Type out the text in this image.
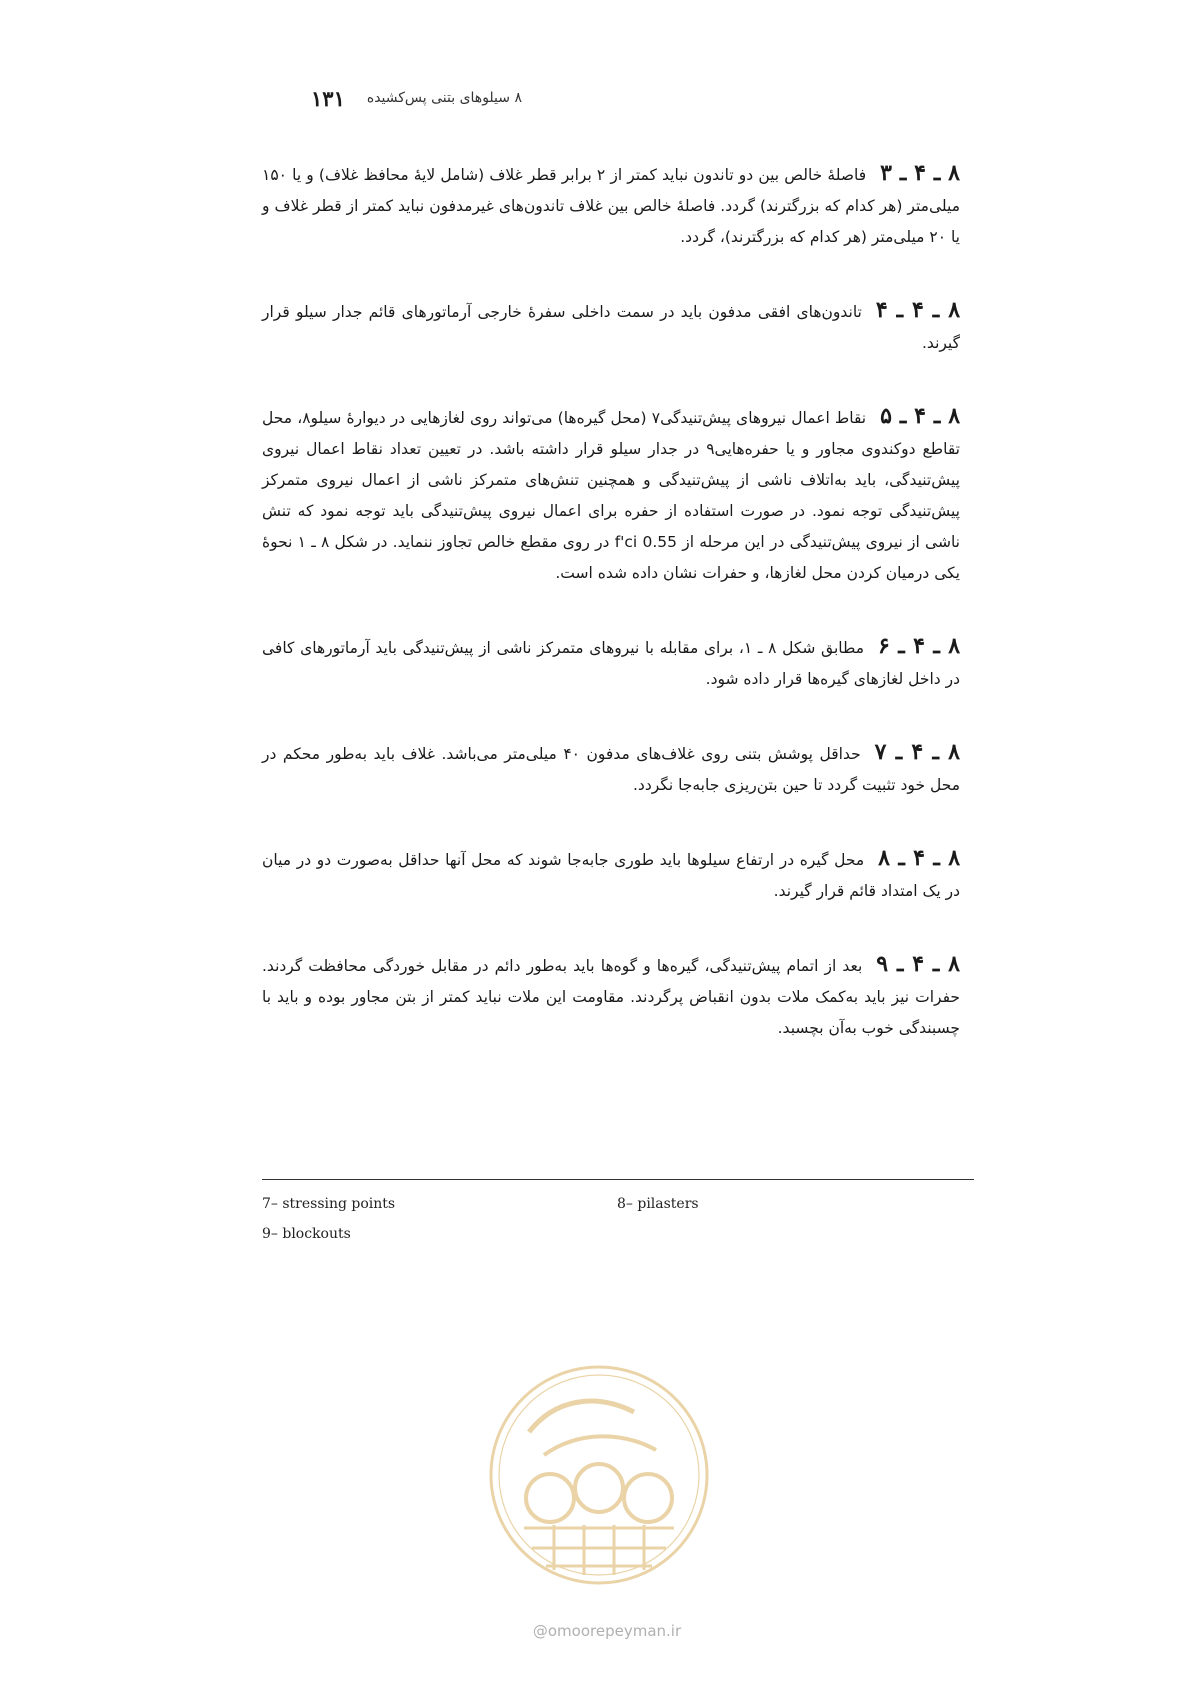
۸ سیلوهای بتنی پس‌کشیده
۱۳۱

۸ ـ ۴ ـ ۳فاصلهٔ خالص بین دو تاندون نباید کمتر از ۲ برابر قطر غلاف (شامل لایهٔ محافظ غلاف) و یا ۱۵۰ میلی‌متر (هر کدام که بزرگترند) گردد. فاصلهٔ خالص بین غلاف تاندون‌های غیرمدفون نباید کمتر از قطر غلاف و یا ۲۰ میلی‌متر (هر کدام که بزرگترند)، گردد.

۸ ـ ۴ ـ ۴تاندون‌های افقی مدفون باید در سمت داخلی سفرهٔ خارجی آرماتورهای قائم جدار سیلو قرار گیرند.

۸ ـ ۴ ـ ۵نقاط اعمال نیروهای پیش‌تنیدگی۷ (محل گیره‌ها) می‌تواند روی لغازهایی در دیوارهٔ سیلو۸، محل تقاطع دوکندوی مجاور و یا حفره‌هایی۹ در جدار سیلو قرار داشته باشد. در تعیین تعداد نقاط اعمال نیروی پیش‌تنیدگی، باید به‌اتلاف ناشی از پیش‌تنیدگی و همچنین تنش‌های متمرکز ناشی از اعمال نیروی متمرکز پیش‌تنیدگی توجه نمود. در صورت استفاده از حفره برای اعمال نیروی پیش‌تنیدگی باید توجه نمود که تنش ناشی از نیروی پیش‌تنیدگی در این مرحله از 0.55 f'ci در روی مقطع خالص تجاوز ننماید. در شکل ۸ ـ ۱ نحوهٔ یکی درمیان کردن محل لغازها، و حفرات نشان داده شده است.

۸ ـ ۴ ـ ۶مطابق شکل ۸ ـ ۱، برای مقابله با نیروهای متمرکز ناشی از پیش‌تنیدگی باید آرماتورهای کافی در داخل لغازهای گیره‌ها قرار داده شود.

۸ ـ ۴ ـ ۷حداقل پوشش بتنی روی غلاف‌های مدفون ۴۰ میلی‌متر می‌باشد. غلاف باید به‌طور محکم در محل خود تثبیت گردد تا حین بتن‌ریزی جابه‌جا نگردد.

۸ ـ ۴ ـ ۸محل گیره در ارتفاع سیلوها باید طوری جابه‌جا شوند که محل آنها حداقل به‌صورت دو در میان در یک امتداد قائم قرار گیرند.

۸ ـ ۴ ـ ۹بعد از اتمام پیش‌تنیدگی، گیره‌ها و گوه‌ها باید به‌طور دائم در مقابل خوردگی محافظت گردند. حفرات نیز باید به‌کمک ملات بدون انقباض پرگردند. مقاومت این ملات نباید کمتر از بتن مجاور بوده و باید با چسبندگی خوب به‌آن بچسبد.

7– stressing points	8– pilasters
9– blockouts
@omoorepeyman.ir
